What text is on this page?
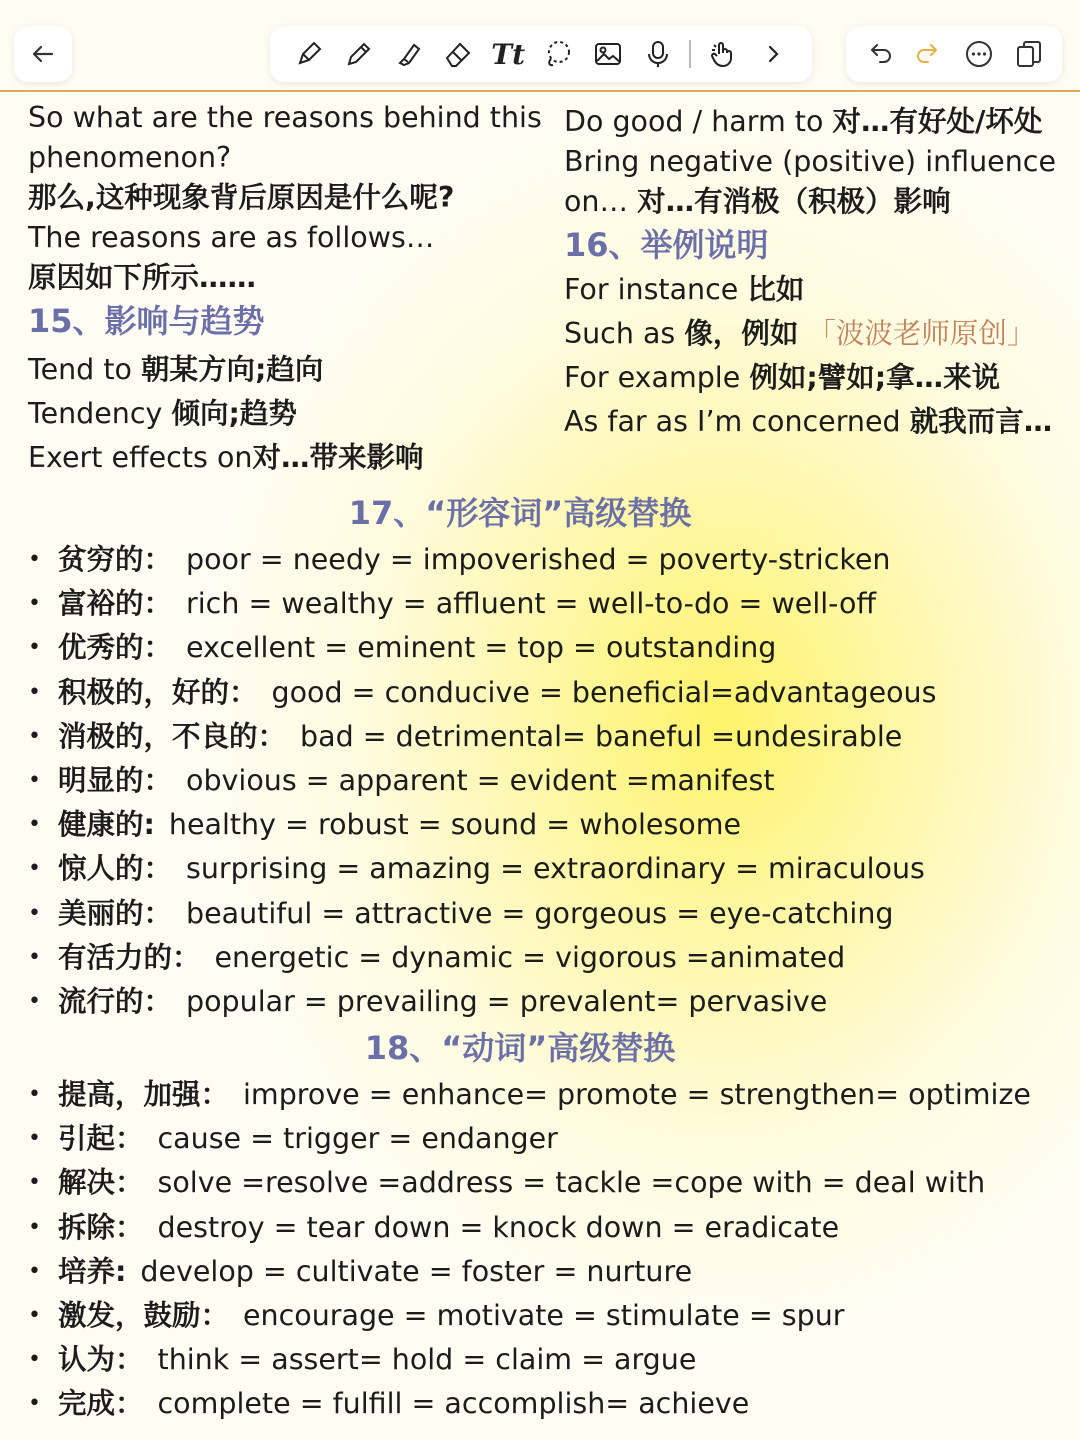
Tt
So what are the reasons behind this
phenomenon?
那么,这种现象背后原因是什么呢?
The reasons are as follows…
原因如下所示……
15、影响与趋势
Tend to 朝某方向;趋向
Tendency 倾向;趋势
Exert effects on对…带来影响
Do good / harm to 对…有好处/坏处
Bring negative (positive) influence
on… 对…有消极（积极）影响
16、举例说明
For instance 比如
Such as 像，例如 「波波老师原创」
For example 例如;譬如;拿…来说
As far as I’m concerned 就我而言…
17、“形容词”高级替换
• 贫穷的： poor = needy = impoverished = poverty-stricken
• 富裕的： rich = wealthy = affluent = well-to-do = well-off
• 优秀的： excellent = eminent = top = outstanding
• 积极的，好的： good = conducive = beneficial=advantageous
• 消极的，不良的： bad = detrimental= baneful =undesirable
• 明显的： obvious = apparent = evident =manifest
• 健康的: healthy = robust = sound = wholesome
• 惊人的： surprising = amazing = extraordinary = miraculous
• 美丽的： beautiful = attractive = gorgeous = eye-catching
• 有活力的： energetic = dynamic = vigorous =animated
• 流行的： popular = prevailing = prevalent= pervasive
18、“动词”高级替换
• 提高，加强： improve = enhance= promote = strengthen= optimize
• 引起： cause = trigger = endanger
• 解决： solve =resolve =address = tackle =cope with = deal with
• 拆除： destroy = tear down = knock down = eradicate
• 培养: develop = cultivate = foster = nurture
• 激发，鼓励： encourage = motivate = stimulate = spur
• 认为： think = assert= hold = claim = argue
• 完成： complete = fulfill = accomplish= achieve
